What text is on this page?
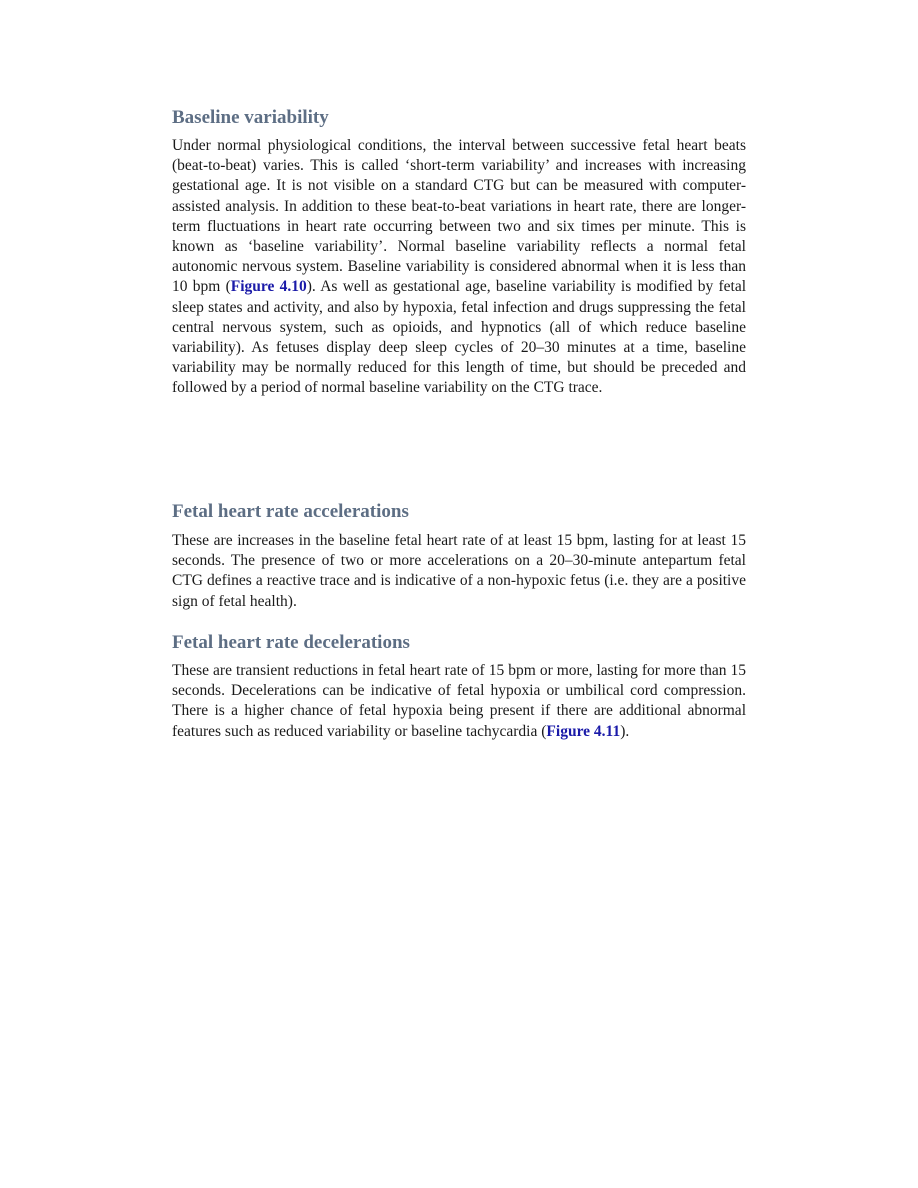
Baseline variability

Under normal physiological conditions, the interval between successive fetal heart beats (beat-to-beat) varies. This is called ‘short-term variability’ and increases with increasing gestational age. It is not visible on a standard CTG but can be measured with computer-assisted analysis. In addition to these beat-to-beat variations in heart rate, there are longer-term fluctuations in heart rate occurring between two and six times per minute. This is known as ‘baseline variability’. Normal baseline variability reflects a normal fetal autonomic nervous system. Baseline variability is considered abnormal when it is less than 10 bpm (Figure 4.10). As well as gestational age, baseline variability is modified by fetal sleep states and activity, and also by hypoxia, fetal infection and drugs suppressing the fetal central nervous system, such as opioids, and hypnotics (all of which reduce baseline variability). As fetuses display deep sleep cycles of 20–30 minutes at a time, baseline variability may be normally reduced for this length of time, but should be preceded and followed by a period of normal baseline variability on the CTG trace.

Fetal heart rate accelerations

These are increases in the baseline fetal heart rate of at least 15 bpm, lasting for at least 15 seconds. The presence of two or more accelerations on a 20–30-minute antepartum fetal CTG defines a reactive trace and is indicative of a non-hypoxic fetus (i.e. they are a positive sign of fetal health).

Fetal heart rate decelerations

These are transient reductions in fetal heart rate of 15 bpm or more, lasting for more than 15 seconds. Decelerations can be indicative of fetal hypoxia or umbilical cord compression. There is a higher chance of fetal hypoxia being present if there are additional abnormal features such as reduced variability or baseline tachycardia (Figure 4.11).
